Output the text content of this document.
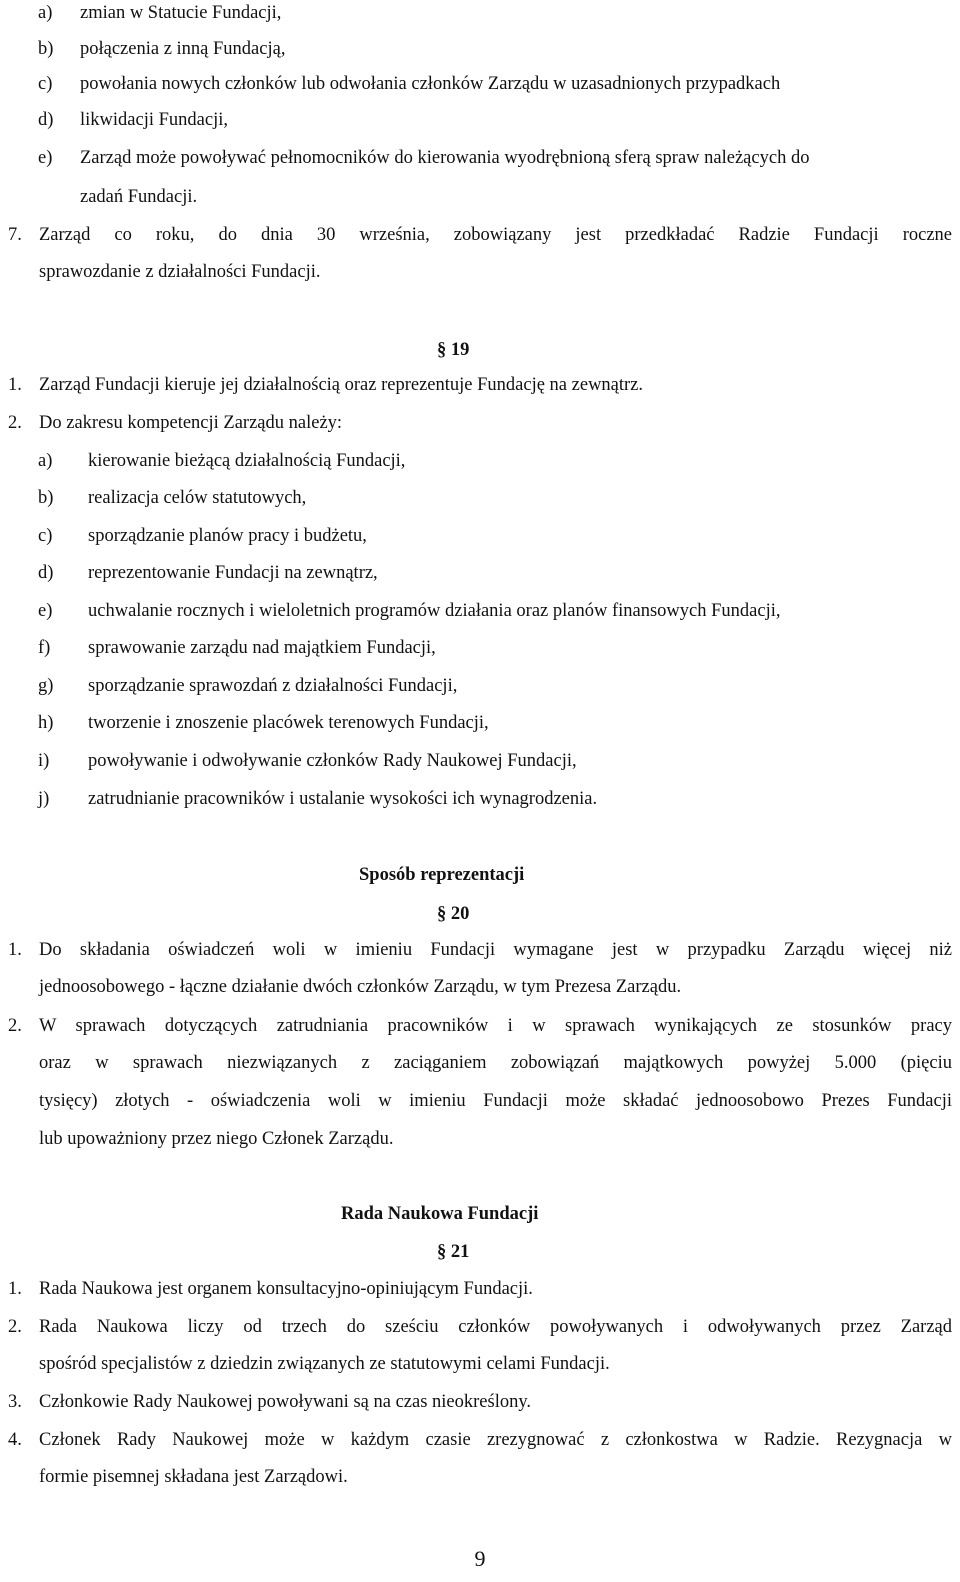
a) zmian w Statucie Fundacji,
b) połączenia z inną Fundacją,
c) powołania nowych członków lub odwołania członków Zarządu w uzasadnionych przypadkach
d) likwidacji Fundacji,
e) Zarząd może powoływać pełnomocników do kierowania wyodrębnioną sferą spraw należących do
zadań Fundacji.
7. Zarząd co roku, do dnia 30 września, zobowiązany jest przedkładać Radzie Fundacji roczne
sprawozdanie z działalności Fundacji.
§ 19
1. Zarząd Fundacji kieruje jej działalnością oraz reprezentuje Fundację na zewnątrz.
2. Do zakresu kompetencji Zarządu należy:
a) kierowanie bieżącą działalnością Fundacji,
b) realizacja celów statutowych,
c) sporządzanie planów pracy i budżetu,
d) reprezentowanie Fundacji na zewnątrz,
e) uchwalanie rocznych i wieloletnich programów działania oraz planów finansowych Fundacji,
f) sprawowanie zarządu nad majątkiem Fundacji,
g) sporządzanie sprawozdań z działalności Fundacji,
h) tworzenie i znoszenie placówek terenowych Fundacji,
i) powoływanie i odwoływanie członków Rady Naukowej Fundacji,
j) zatrudnianie pracowników i ustalanie wysokości ich wynagrodzenia.
Sposób reprezentacji
§ 20
1. Do składania oświadczeń woli w imieniu Fundacji wymagane jest w przypadku Zarządu więcej niż
jednoosobowego - łączne działanie dwóch członków Zarządu, w tym Prezesa Zarządu.
2. W sprawach dotyczących zatrudniania pracowników i w sprawach wynikających ze stosunków pracy
oraz w sprawach niezwiązanych z zaciąganiem zobowiązań majątkowych powyżej 5.000 (pięciu
tysięcy) złotych - oświadczenia woli w imieniu Fundacji może składać jednoosobowo Prezes Fundacji
lub upoważniony przez niego Członek Zarządu.
Rada Naukowa Fundacji
§ 21
1. Rada Naukowa jest organem konsultacyjno-opiniującym Fundacji.
2. Rada Naukowa liczy od trzech do sześciu członków powoływanych i odwoływanych przez Zarząd
spośród specjalistów z dziedzin związanych ze statutowymi celami Fundacji.
3. Członkowie Rady Naukowej powoływani są na czas nieokreślony.
4. Członek Rady Naukowej może w każdym czasie zrezygnować z członkostwa w Radzie. Rezygnacja w
formie pisemnej składana jest Zarządowi.
9
